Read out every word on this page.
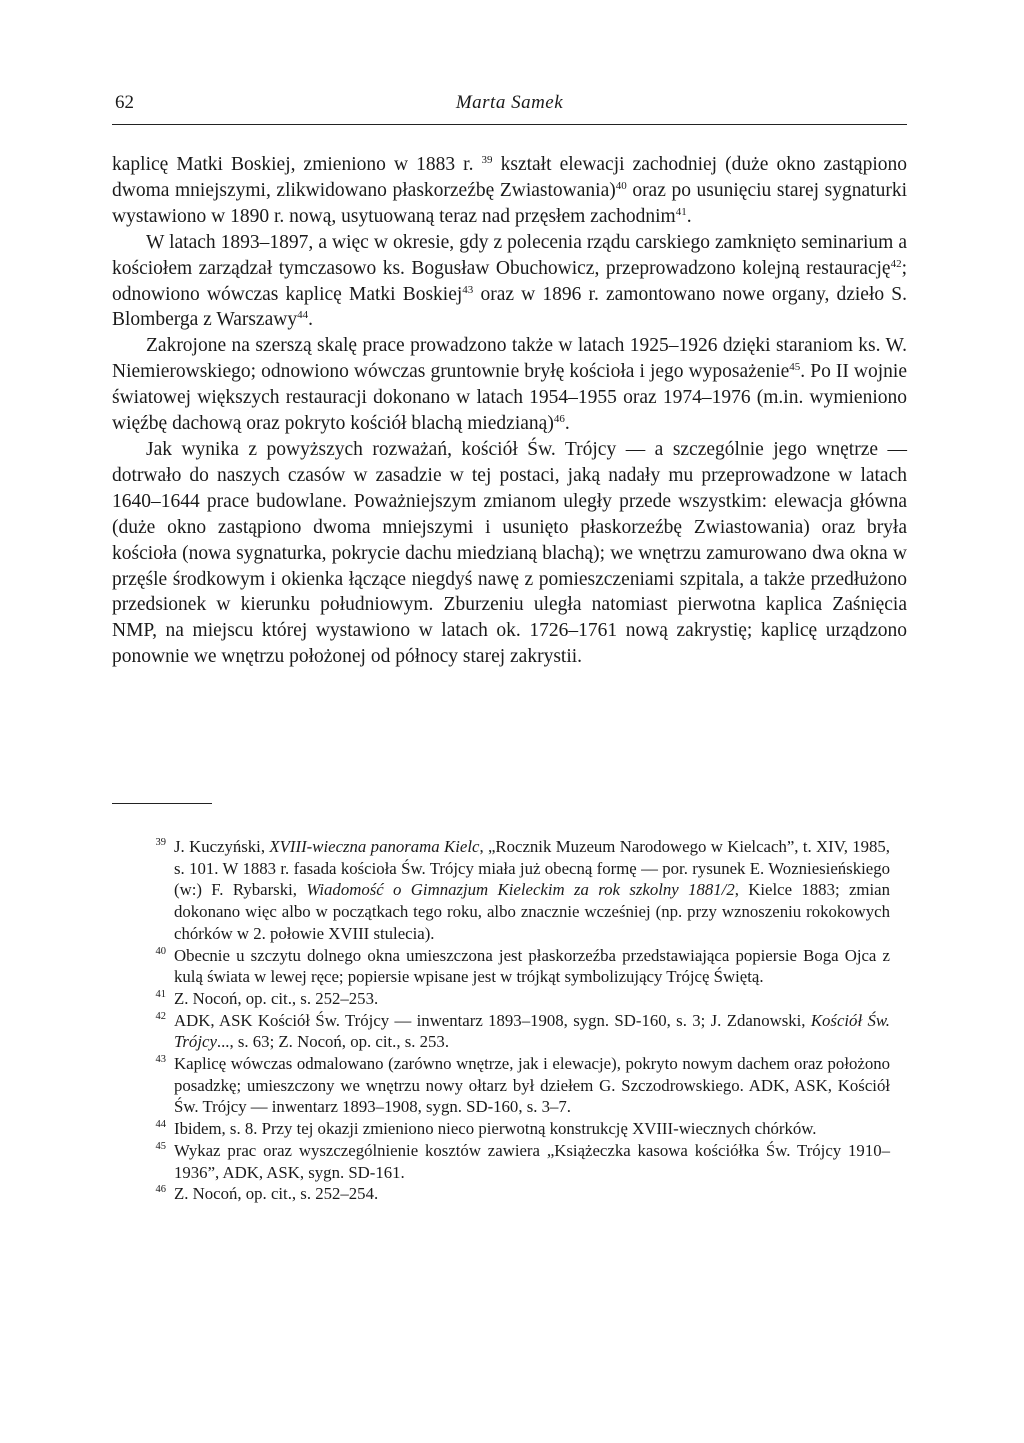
62	Marta Samek

kaplicę Matki Boskiej, zmieniono w 1883 r. $^{39}$ kształt elewacji zachodniej (duże okno zastąpiono dwoma mniejszymi, zlikwidowano płaskorzeźbę Zwiastowania)$^{40}$ oraz po usunięciu starej sygnaturki wystawiono w 1890 r. nową, usytuowaną teraz nad przęsłem zachodnim$^{41}$.

W latach 1893–1897, a więc w okresie, gdy z polecenia rządu carskiego zamknięto seminarium a kościołem zarządzał tymczasowo ks. Bogusław Obuchowicz, przeprowadzono kolejną restaurację$^{42}$; odnowiono wówczas kaplicę Matki Boskiej$^{43}$ oraz w 1896 r. zamontowano nowe organy, dzieło S. Blomberga z Warszawy$^{44}$.

Zakrojone na szerszą skalę prace prowadzono także w latach 1925–1926 dzięki staraniom ks. W. Niemierowskiego; odnowiono wówczas gruntownie bryłę kościoła i jego wyposażenie$^{45}$. Po II wojnie światowej większych restauracji dokonano w latach 1954–1955 oraz 1974–1976 (m.in. wymieniono więźbę dachową oraz pokryto kościół blachą miedzianą)$^{46}$.

Jak wynika z powyższych rozważań, kościół Św. Trójcy — a szczególnie jego wnętrze — dotrwało do naszych czasów w zasadzie w tej postaci, jaką nadały mu przeprowadzone w latach 1640–1644 prace budowlane. Poważniejszym zmianom uległy przede wszystkim: elewacja główna (duże okno zastąpiono dwoma mniejszymi i usunięto płaskorzeźbę Zwiastowania) oraz bryła kościoła (nowa sygnaturka, pokrycie dachu miedzianą blachą); we wnętrzu zamurowano dwa okna w przęśle środkowym i okienka łączące niegdyś nawę z pomieszczeniami szpitala, a także przedłużono przedsionek w kierunku południowym. Zburzeniu uległa natomiast pierwotna kaplica Zaśnięcia NMP, na miejscu której wystawiono w latach ok. 1726–1761 nową zakrystię; kaplicę urządzono ponownie we wnętrzu położonej od północy starej zakrystii.

39 J. Kuczyński, XVIII-wieczna panorama Kielc, „Rocznik Muzeum Narodowego w Kielcach”, t. XIV, 1985, s. 101. W 1883 r. fasada kościoła Św. Trójcy miała już obecną formę — por. rysunek E. Wozniesieńskiego (w:) F. Rybarski, Wiadomość o Gimnazjum Kieleckim za rok szkolny 1881/2, Kielce 1883; zmian dokonano więc albo w początkach tego roku, albo znacznie wcześniej (np. przy wznoszeniu rokokowych chórków w 2. połowie XVIII stulecia).
40 Obecnie u szczytu dolnego okna umieszczona jest płaskorzeźba przedstawiająca popiersie Boga Ojca z kulą świata w lewej ręce; popiersie wpisane jest w trójkąt symbolizujący Trójcę Świętą.
41 Z. Nocoń, op. cit., s. 252–253.
42 ADK, ASK Kościół Św. Trójcy — inwentarz 1893–1908, sygn. SD-160, s. 3; J. Zdanowski, Kościół Św. Trójcy..., s. 63; Z. Nocoń, op. cit., s. 253.
43 Kaplicę wówczas odmalowano (zarówno wnętrze, jak i elewacje), pokryto nowym dachem oraz położono posadzkę; umieszczony we wnętrzu nowy ołtarz był dziełem G. Szczodrowskiego. ADK, ASK, Kościół Św. Trójcy — inwentarz 1893–1908, sygn. SD-160, s. 3–7.
44 Ibidem, s. 8. Przy tej okazji zmieniono nieco pierwotną konstrukcję XVIII-wiecznych chórków.
45 Wykaz prac oraz wyszczególnienie kosztów zawiera „Książeczka kasowa kościółka Św. Trójcy 1910–1936”, ADK, ASK, sygn. SD-161.
46 Z. Nocoń, op. cit., s. 252–254.
